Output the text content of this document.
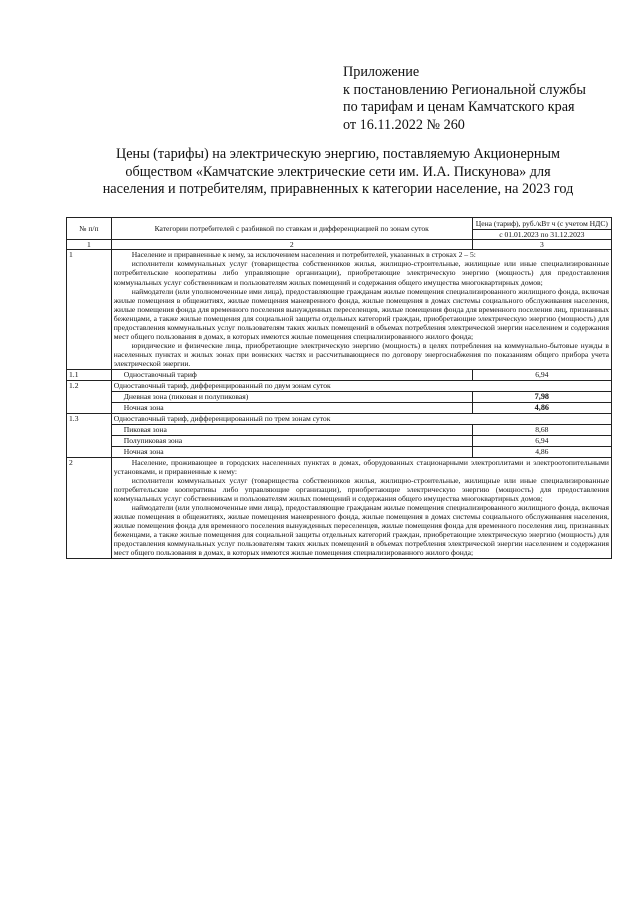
Приложение
к постановлению Региональной службы
по тарифам и ценам Камчатского края
от 16.11.2022 № 260
Цены (тарифы) на электрическую энергию, поставляемую Акционерным
обществом «Камчатские электрические сети им. И.А. Пискунова» для
населения и потребителям, приравненных к категории население, на 2023 год
№ п/п	Категории потребителей с разбивкой по ставкам и дифференциацией по зонам суток	Цена (тариф), руб./кВт ч (с учетом НДС)
		с 01.01.2023 по 31.12.2023
1	2	3
1	Население и приравненные к нему, за исключением населения и потребителей, указанных в строках 2 – 5:
исполнители коммунальных услуг (товарищества собственников жилья, жилищно-строительные, жилищные или иные специализированные потребительские кооперативы либо управляющие организации), приобретающие электрическую энергию (мощность) для предоставления коммунальных услуг собственникам и пользователям жилых помещений и содержания общего имущества многоквартирных домов;
наймодатели (или уполномоченные ими лица), предоставляющие гражданам жилые помещения специализированного жилищного фонда, включая жилые помещения в общежитиях, жилые помещения маневренного фонда, жилые помещения в домах системы социального обслуживания населения, жилые помещения фонда для временного поселения вынужденных переселенцев, жилые помещения фонда для временного поселения лиц, признанных беженцами, а также жилые помещения для социальной защиты отдельных категорий граждан, приобретающие электрическую энергию (мощность) для предоставления коммунальных услуг пользователям таких жилых помещений в объемах потребления электрической энергии населением и содержания мест общего пользования в домах, в которых имеются жилые помещения специализированного жилого фонда;
юридические и физические лица, приобретающие электрическую энергию (мощность) в целях потребления на коммунально-бытовые нужды в населенных пунктах и жилых зонах при воинских частях и рассчитывающиеся по договору энергоснабжения по показаниям общего прибора учета электрической энергии.	

1.1	Одноставочный тариф	6,94
1.2	Одноставочный тариф, дифференцированный по двум зонам суток	
	Дневная зона (пиковая и полупиковая)	7,98
	Ночная зона	4,86
1.3	Одноставочный тариф, дифференцированный по трем зонам суток	
	Пиковая зона	8,68
	Полупиковая зона	6,94
	Ночная зона	4,86
2	Население, проживающее в городских населенных пунктах в домах, оборудованных стационарными электроплитами и электроотопительными установками, и приравненные к нему:
исполнители коммунальных услуг (товарищества собственников жилья, жилищно-строительные, жилищные или иные специализированные потребительские кооперативы либо управляющие организации), приобретающие электрическую энергию (мощность) для предоставления коммунальных услуг собственникам и пользователям жилых помещений и содержания общего имущества многоквартирных домов;
наймодатели (или уполномоченные ими лица), предоставляющие гражданам жилые помещения специализированного жилищного фонда, включая жилые помещения в общежитиях, жилые помещения маневренного фонда, жилые помещения в домах системы социального обслуживания населения, жилые помещения фонда для временного поселения вынужденных переселенцев, жилые помещения фонда для временного поселения лиц, признанных беженцами, а также жилые помещения для социальной защиты отдельных категорий граждан, приобретающие электрическую энергию (мощность) для предоставления коммунальных услуг пользователям таких жилых помещений в объемах потребления электрической энергии населением и содержания мест общего пользования в домах, в которых имеются жилые помещения специализированного жилого фонда;	
